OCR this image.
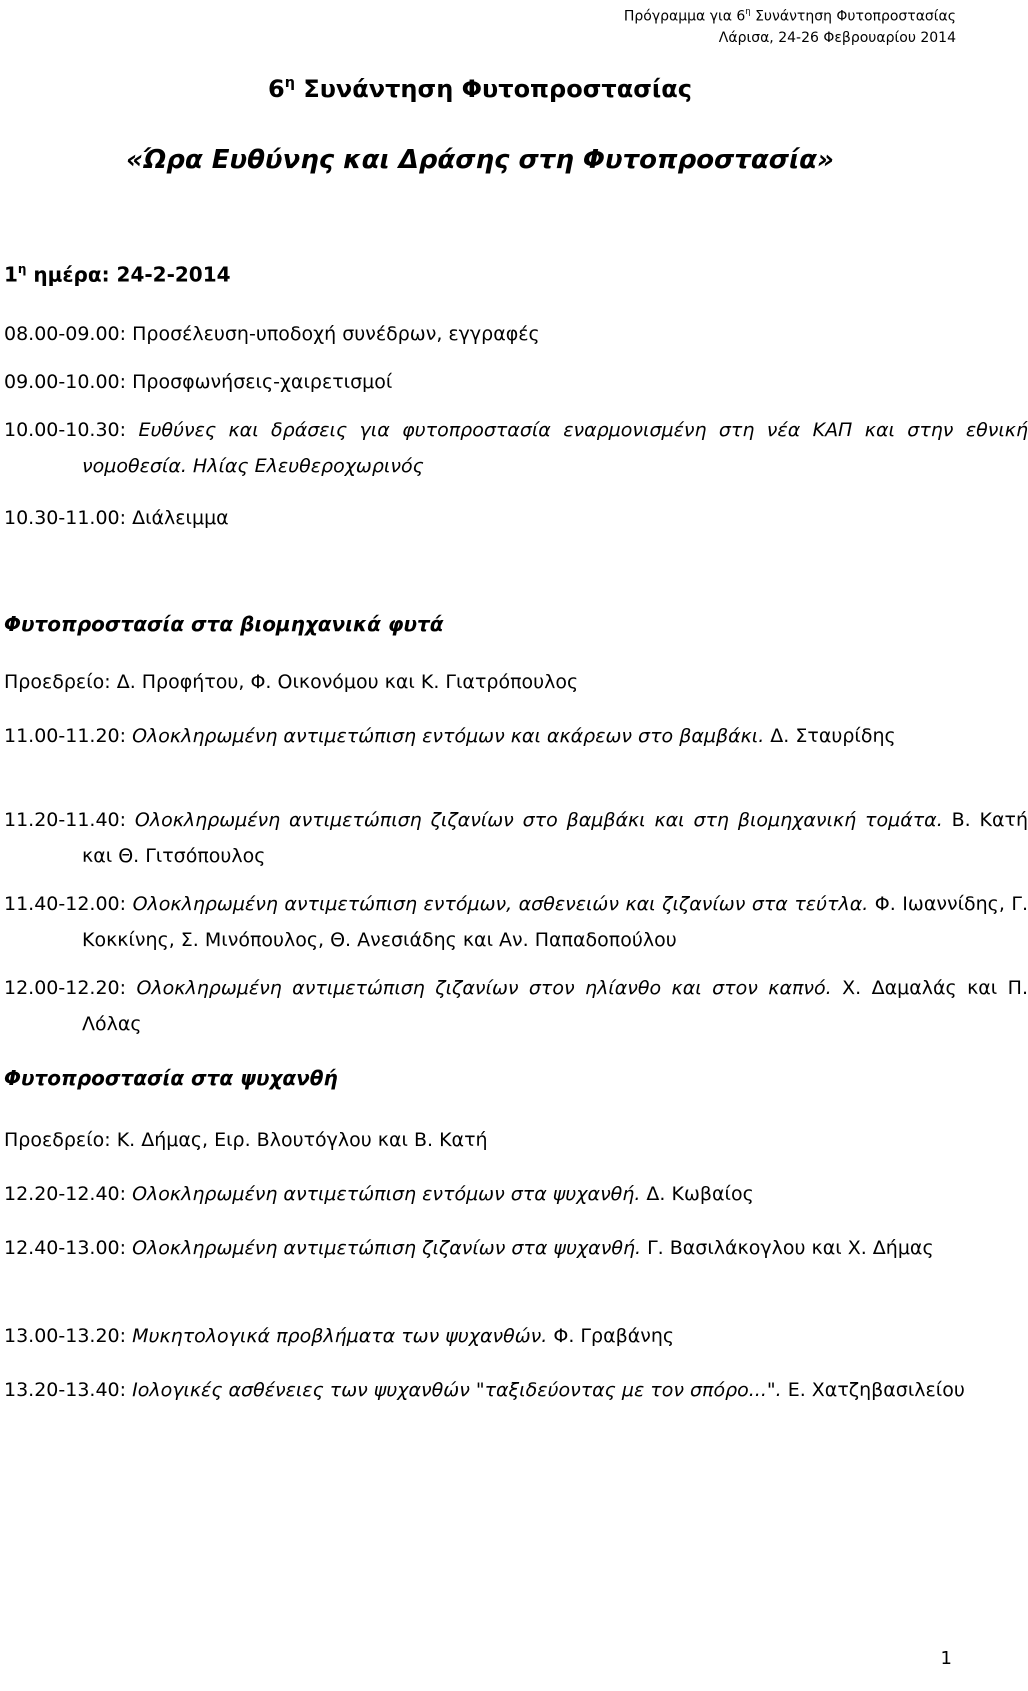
Πρόγραμμα για $6^\eta$ Συνάντηση Φυτοπροστασίας
Λάρισα, 24-26 Φεβρουαρίου 2014
$6^\eta$ Συνάντηση Φυτοπροστασίας
«Ώρα Ευθύνης και Δράσης στη Φυτοπροστασία»
$1^\eta$ ημέρα: 24-2-2014
08.00-09.00: Προσέλευση-υποδοχή συνέδρων, εγγραφές
09.00-10.00: Προσφωνήσεις-χαιρετισμοί
10.00-10.30: Ευθύνες και δράσεις για φυτοπροστασία εναρμονισμένη στη νέα ΚΑΠ και στην εθνική νομοθεσία. Ηλίας Ελευθεροχωρινός
10.30-11.00: Διάλειμμα
Φυτοπροστασία στα βιομηχανικά φυτά
Προεδρείο: Δ. Προφήτου, Φ. Οικονόμου και Κ. Γιατρόπουλος
11.00-11.20: Ολοκληρωμένη αντιμετώπιση εντόμων και ακάρεων στο βαμβάκι. Δ. Σταυρίδης
11.20-11.40: Ολοκληρωμένη αντιμετώπιση ζιζανίων στο βαμβάκι και στη βιομηχανική τομάτα. Β. Κατή και Θ. Γιτσόπουλος
11.40-12.00: Ολοκληρωμένη αντιμετώπιση εντόμων, ασθενειών και ζιζανίων στα τεύτλα. Φ. Ιωαννίδης, Γ. Κοκκίνης, Σ. Μινόπουλος, Θ. Ανεσιάδης και Αν. Παπαδοπούλου
12.00-12.20: Ολοκληρωμένη αντιμετώπιση ζιζανίων στον ηλίανθο και στον καπνό. Χ. Δαμαλάς και Π. Λόλας
Φυτοπροστασία στα ψυχανθή
Προεδρείο: Κ. Δήμας, Ειρ. Βλουτόγλου και Β. Κατή
12.20-12.40: Ολοκληρωμένη αντιμετώπιση εντόμων στα ψυχανθή. Δ. Κωβαίος
12.40-13.00: Ολοκληρωμένη αντιμετώπιση ζιζανίων στα ψυχανθή. Γ. Βασιλάκογλου και Χ. Δήμας
13.00-13.20: Μυκητολογικά προβλήματα των ψυχανθών. Φ. Γραβάνης
13.20-13.40: Ιολογικές ασθένειες των ψυχανθών "ταξιδεύοντας με τον σπόρο...". Ε. Χατζηβασιλείου
1
